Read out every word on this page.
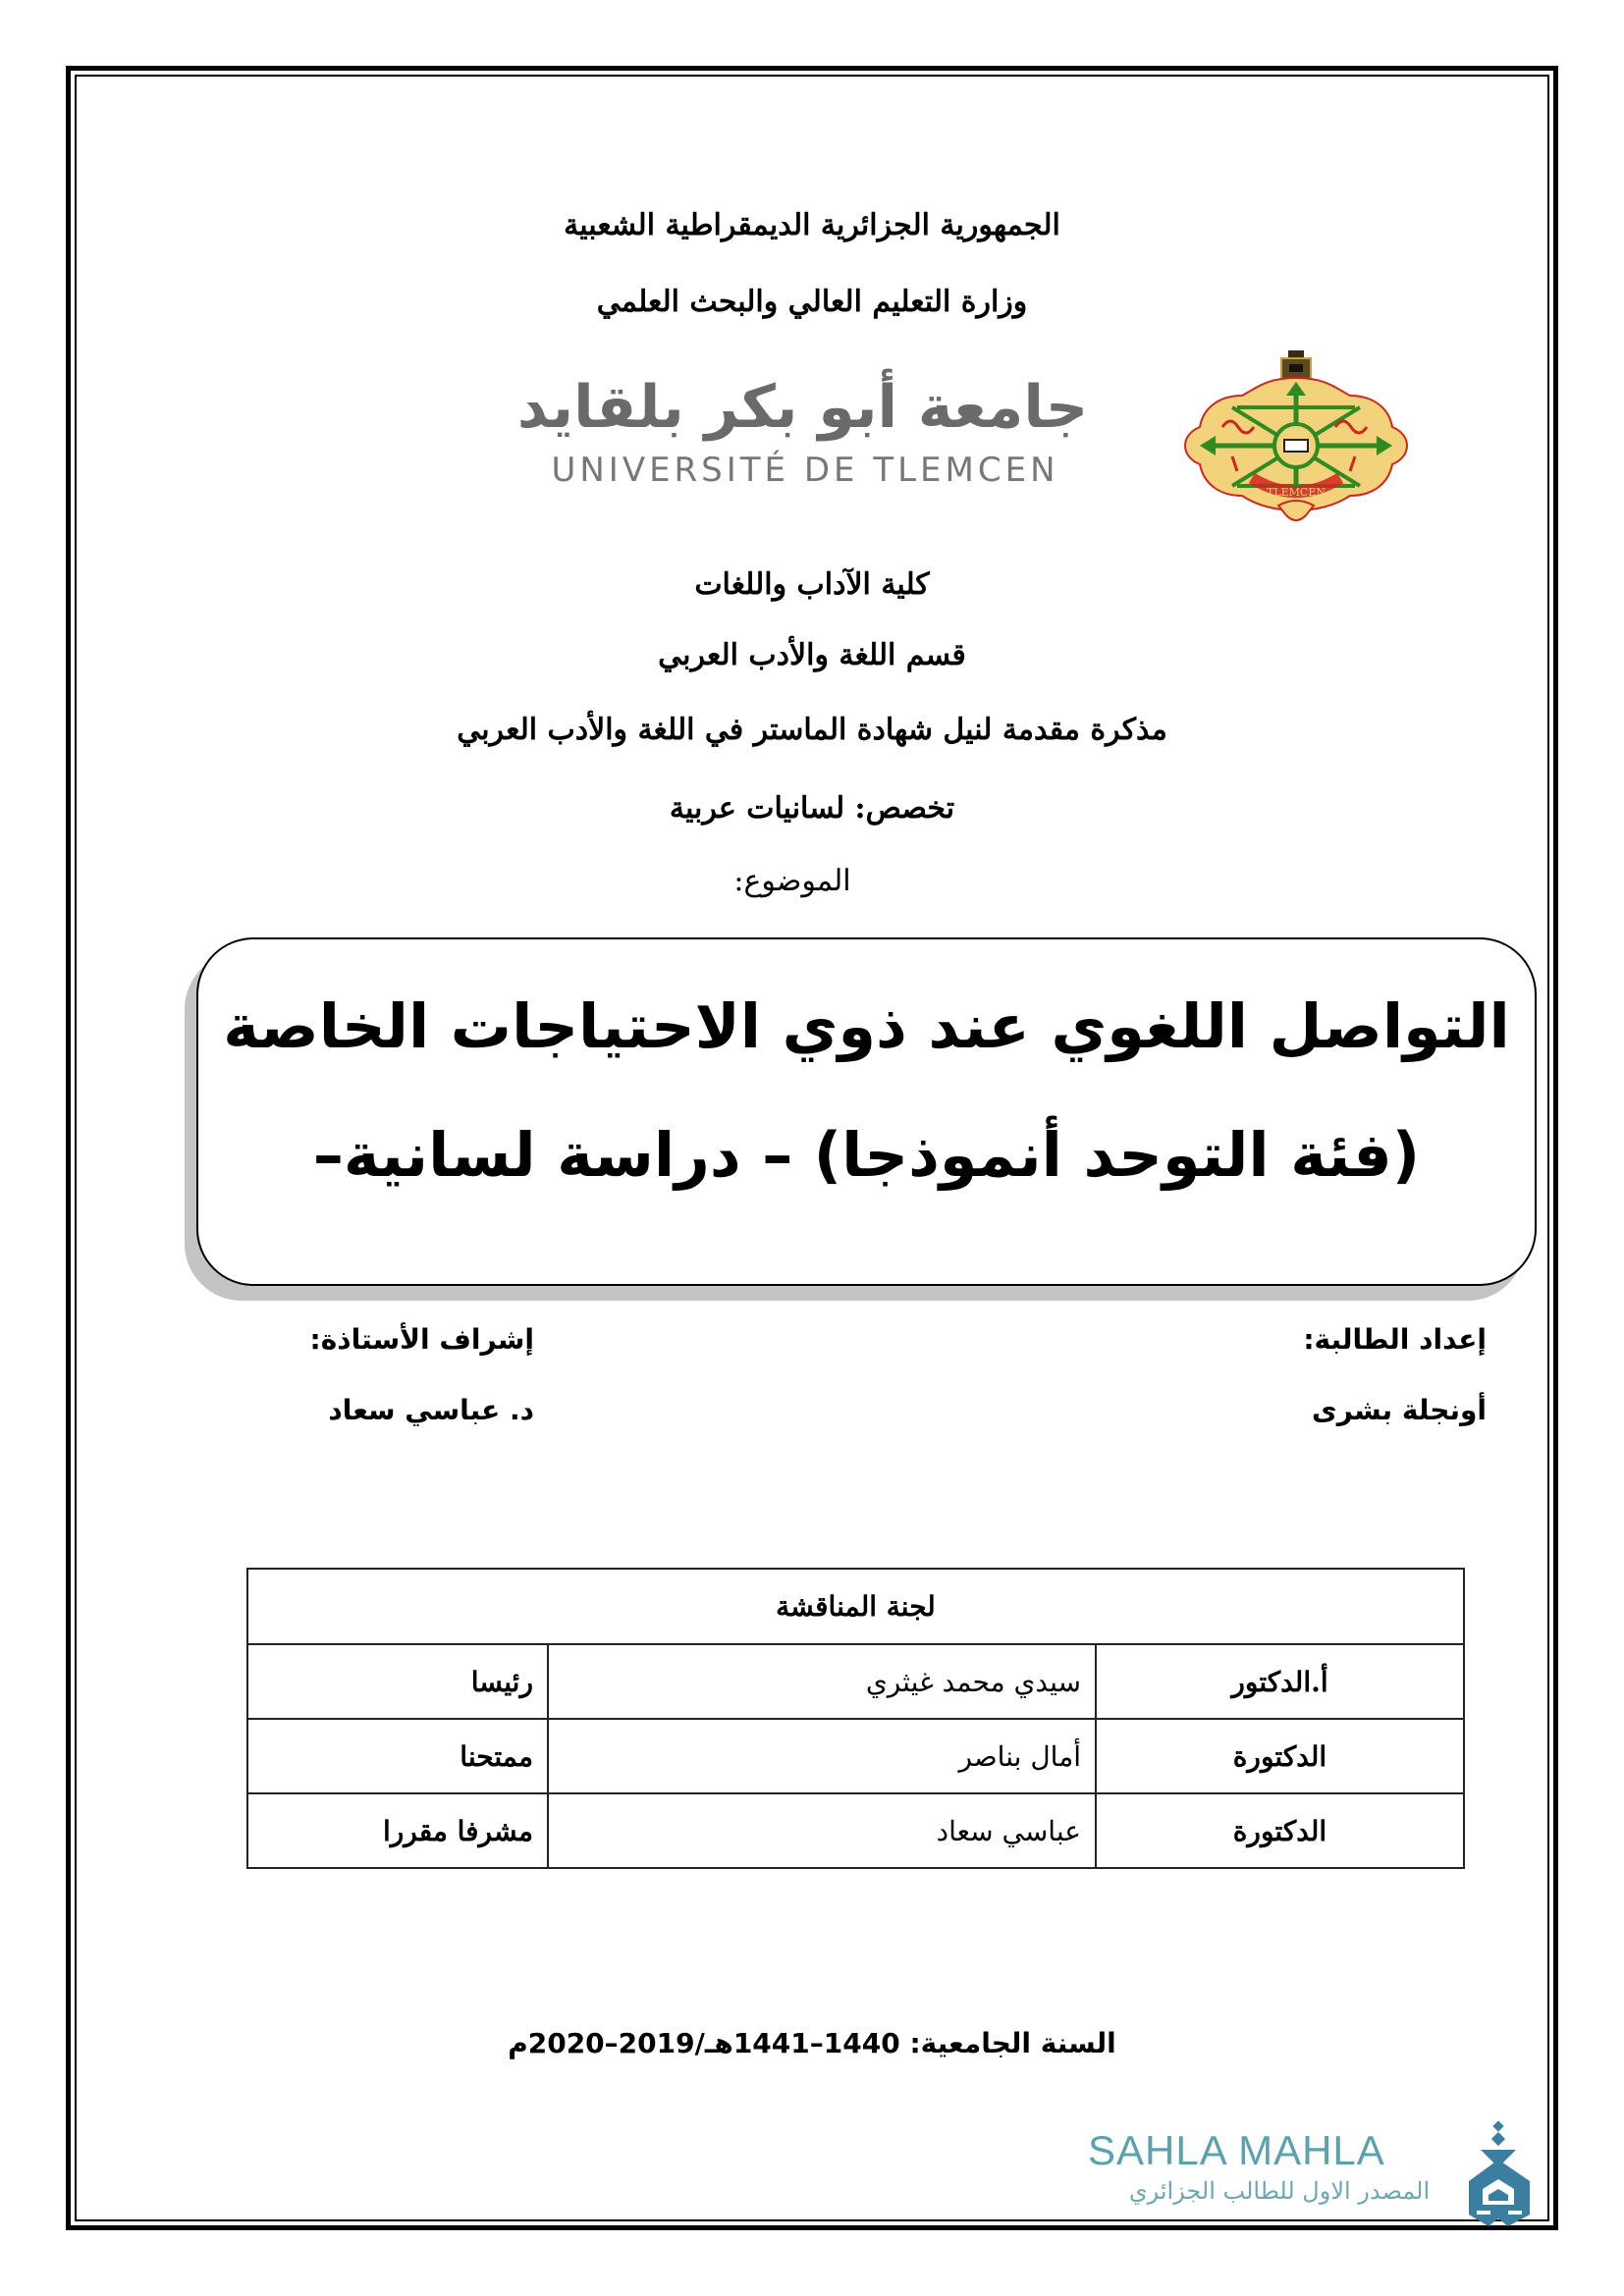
الجمهورية الجزائرية الديمقراطية الشعبية
وزارة التعليم العالي والبحث العلمي
جامعة أبو بكر بلقايد
UNIVERSITÉ DE TLEMCEN
TLEMCEN
كلية الآداب واللغات
قسم اللغة والأدب العربي
مذكرة مقدمة لنيل شهادة الماستر في اللغة والأدب العربي
تخصص: لسانيات عربية
الموضوع:
التواصل اللغوي عند ذوي الاحتياجات الخاصة
(فئة التوحد أنموذجا) – دراسة لسانية–
إعداد الطالبة:
أونجلة بشرى
إشراف الأستاذة:
د. عباسي سعاد
لجنة المناقشة		
أ.الدكتور	سيدي محمد غيثري	رئيسا
الدكتورة	أمال بناصر	ممتحنا
الدكتورة	عباسي سعاد	مشرفا مقررا
السنة الجامعية: 1440–1441هـ/2019–2020م
SAHLA MAHLA
المصدر الاول للطالب الجزائري
